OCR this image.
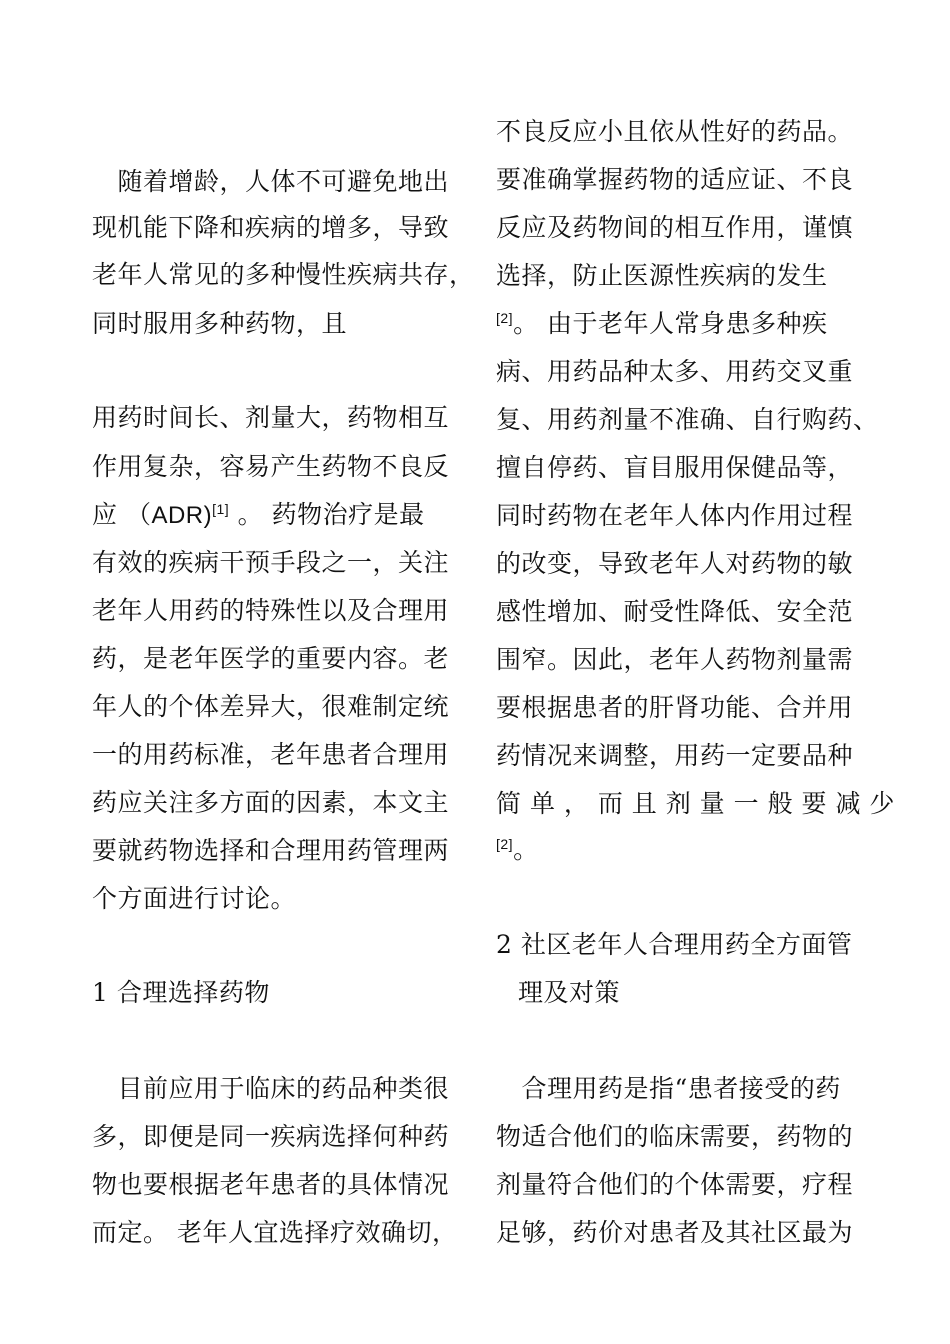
　随着增龄，人体不可避免地出
现机能下降和疾病的增多，导致
老年人常见的多种慢性疾病共存，
同时服用多种药物，且
用药时间长、剂量大，药物相互
作用复杂，容易产生药物不良反
应 （ADR)[1] 。 药物治疗是最
有效的疾病干预手段之一，关注
老年人用药的特殊性以及合理用
药，是老年医学的重要内容。老
年人的个体差异大，很难制定统
一的用药标准，老年患者合理用
药应关注多方面的因素，本文主
要就药物选择和合理用药管理两
个方面进行讨论。
1 合理选择药物
　目前应用于临床的药品种类很
多，即便是同一疾病选择何种药
物也要根据老年患者的具体情况
而定。 老年人宜选择疗效确切，
不良反应小且依从性好的药品。
要准确掌握药物的适应证、不良
反应及药物间的相互作用，谨慎
选择，防止医源性疾病的发生
[2]。 由于老年人常身患多种疾
病、用药品种太多、用药交叉重
复、用药剂量不准确、自行购药、
擅自停药、盲目服用保健品等，
同时药物在老年人体内作用过程
的改变，导致老年人对药物的敏
感性增加、耐受性降低、安全范
围窄。因此，老年人药物剂量需
要根据患者的肝肾功能、合并用
药情况来调整，用药一定要品种
简 单 ， 而 且 剂 量 一 般 要 减 少
[2]。
2 社区老年人合理用药全方面管
理及对策
　合理用药是指“患者接受的药
物适合他们的临床需要，药物的
剂量符合他们的个体需要，疗程
足够，药价对患者及其社区最为
